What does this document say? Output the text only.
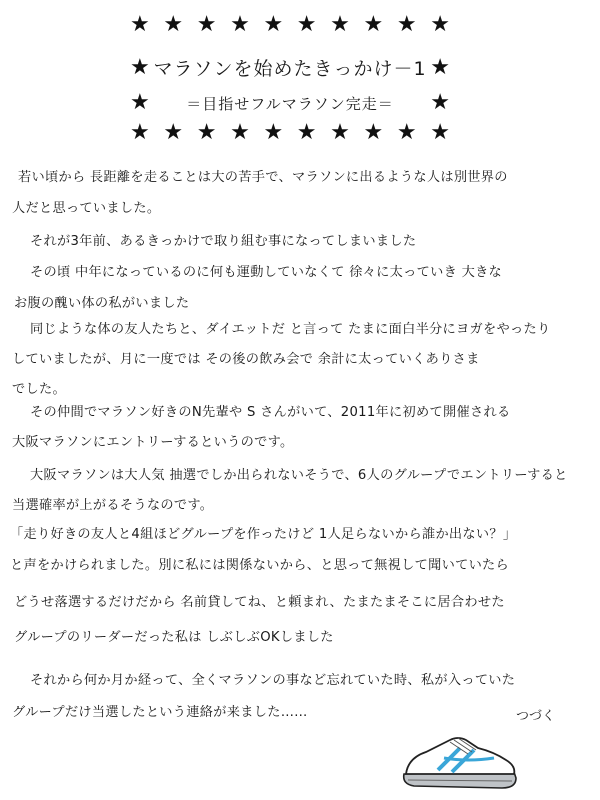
★ ★ ★ ★ ★ ★ ★ ★ ★ ★
★ マラソンを始めたきっかけ－1 ★
★	＝目指せフルマラソン完走＝	★
★ ★ ★ ★ ★ ★ ★ ★ ★ ★
若い頃から 長距離を走ることは大の苦手で、マラソンに出るような人は別世界の
人だと思っていました。
それが3年前、あるきっかけで取り組む事になってしまいました
その頃 中年になっているのに何も運動していなくて 徐々に太っていき 大きな
お腹の醜い体の私がいました
同じような体の友人たちと、ダイエットだ と言って たまに面白半分にヨガをやったり
していましたが、月に一度では その後の飲み会で 余計に太っていくありさま
でした。
その仲間でマラソン好きのN先輩や S さんがいて、2011年に初めて開催される
大阪マラソンにエントリーするというのです。
大阪マラソンは大人気 抽選でしか出られないそうで、6人のグループでエントリーすると
当選確率が上がるそうなのです。
「走り好きの友人と4組ほどグループを作ったけど 1人足らないから誰か出ない？」
と声をかけられました。別に私には関係ないから、と思って無視して聞いていたら
どうせ落選するだけだから 名前貸してね、と頼まれ、たまたまそこに居合わせた
グループのリーダーだった私は しぶしぶOKしました
それから何か月か経って、全くマラソンの事など忘れていた時、私が入っていた
グループだけ当選したという連絡が来ました……	つづく
